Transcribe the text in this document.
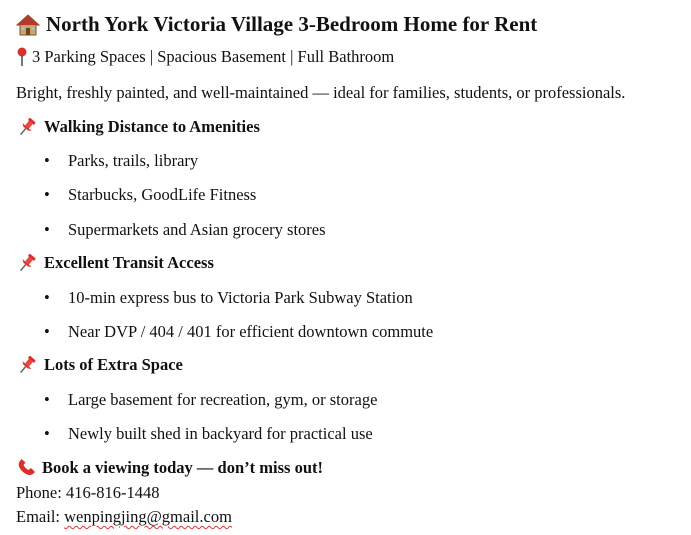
North York Victoria Village 3-Bedroom Home for Rent
3 Parking Spaces | Spacious Basement | Full Bathroom
Bright, freshly painted, and well-maintained — ideal for families, students, or professionals.
Walking Distance to Amenities
• Parks, trails, library
• Starbucks, GoodLife Fitness
• Supermarkets and Asian grocery stores
Excellent Transit Access
• 10-min express bus to Victoria Park Subway Station
• Near DVP / 404 / 401 for efficient downtown commute
Lots of Extra Space
• Large basement for recreation, gym, or storage
• Newly built shed in backyard for practical use
Book a viewing today — don’t miss out!
Phone: 416-816-1448
Email: wenpingjing@gmail.com
